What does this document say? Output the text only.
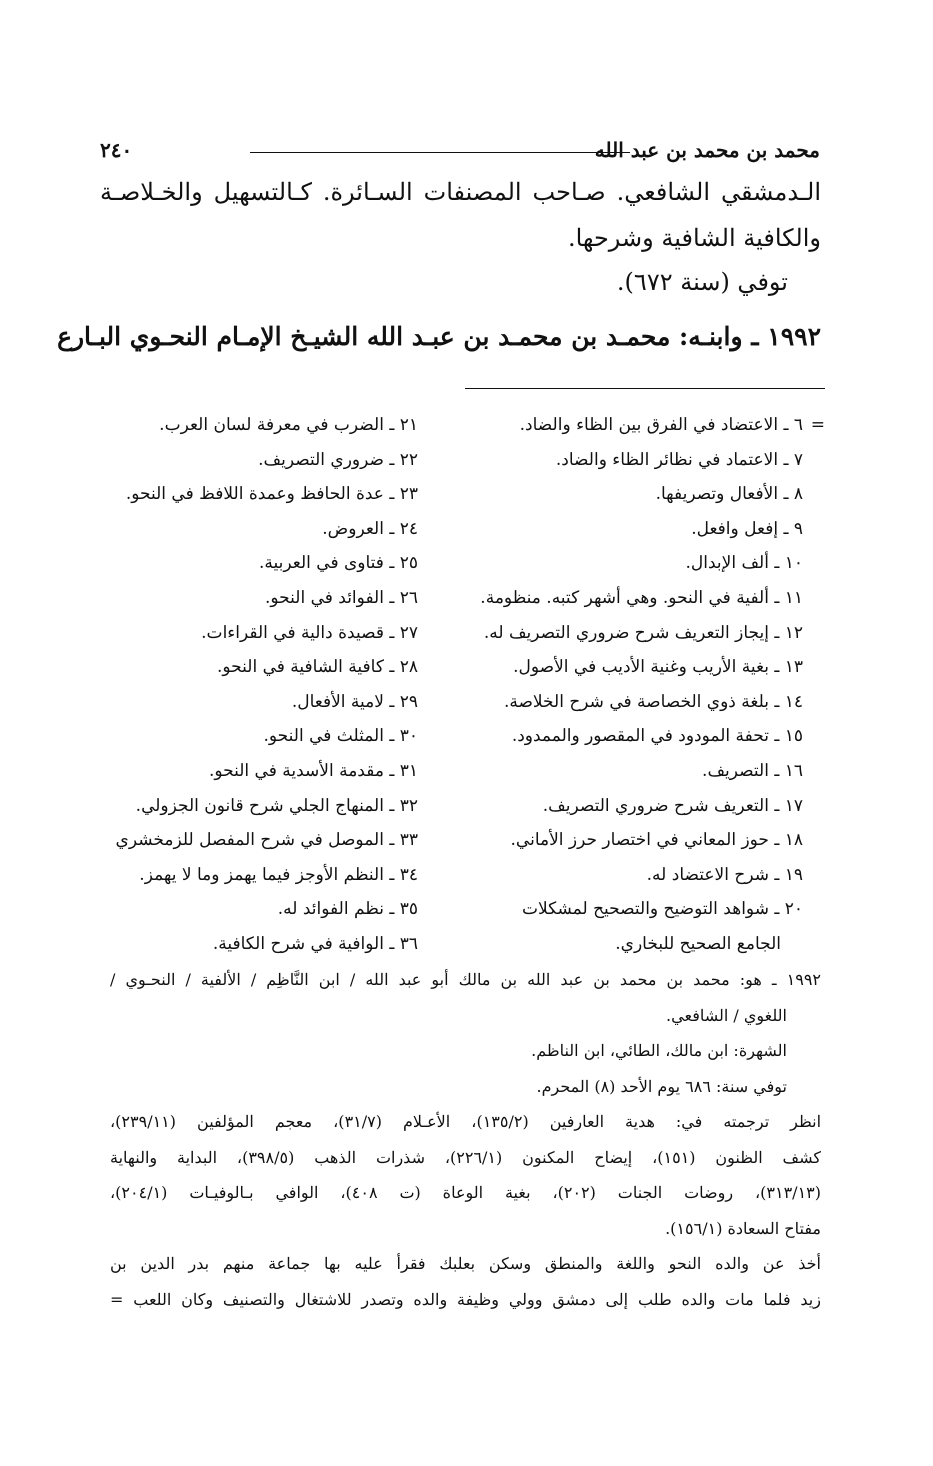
محمد بن محمد بن عبد الله
٢٤٠
الـدمشقي الشافعي. صـاحب المصنفات السـائرة. كـالتسهيل والخـلاصـة
والكافية الشافية وشرحها.
توفي (سنة ٦٧٢).
١٩٩٢ ـ وابنـه: محمـد بن محمـد بن عبـد الله الشيـخ الإمـام النحـوي البـارع
=
٦ ـ الاعتضاد في الفرق بين الظاء والضاد.
٧ ـ الاعتماد في نظائر الظاء والضاد.
٨ ـ الأفعال وتصريفها.
٩ ـ إفعل وافعل.
١٠ ـ ألف الإبدال.
١١ ـ ألفية في النحو. وهي أشهر كتبه. منظومة.
١٢ ـ إيجاز التعريف شرح ضروري التصريف له.
١٣ ـ بغية الأريب وغنية الأديب في الأصول.
١٤ ـ بلغة ذوي الخصاصة في شرح الخلاصة.
١٥ ـ تحفة المودود في المقصور والممدود.
١٦ ـ التصريف.
١٧ ـ التعريف شرح ضروري التصريف.
١٨ ـ حوز المعاني في اختصار حرز الأماني.
١٩ ـ شرح الاعتضاد له.
٢٠ ـ شواهد التوضيح والتصحيح لمشكلات
الجامع الصحيح للبخاري.
٢١ ـ الضرب في معرفة لسان العرب.
٢٢ ـ ضروري التصريف.
٢٣ ـ عدة الحافظ وعمدة اللافظ في النحو.
٢٤ ـ العروض.
٢٥ ـ فتاوى في العربية.
٢٦ ـ الفوائد في النحو.
٢٧ ـ قصيدة دالية في القراءات.
٢٨ ـ كافية الشافية في النحو.
٢٩ ـ لامية الأفعال.
٣٠ ـ المثلث في النحو.
٣١ ـ مقدمة الأسدية في النحو.
٣٢ ـ المنهاج الجلي شرح قانون الجزولي.
٣٣ ـ الموصل في شرح المفصل للزمخشري
٣٤ ـ النظم الأوجز فيما يهمز وما لا يهمز.
٣٥ ـ نظم الفوائد له.
٣٦ ـ الوافية في شرح الكافية.

١٩٩٢ ـ هو: محمد بن محمد بن عبد الله بن مالك أبو عبد الله / ابن النَّاظِم / الألفية / النحـوي /

اللغوي / الشافعي.

الشهرة: ابن مالك، الطائي، ابن الناظم.

توفي سنة: ٦٨٦ يوم الأحد (٨) المحرم.

انظر ترجمته في: هدية العارفين (١٣٥/٢)، الأعـلام (٣١/٧)، معجم المؤلفين (٢٣٩/١١)،

كشف الظنون (١٥١)، إيضاح المكنون (٢٢٦/١)، شذرات الذهب (٣٩٨/٥)، البداية والنهاية

(٣١٣/١٣)، روضات الجنات (٢٠٢)، بغية الوعاة (ت ٤٠٨)، الوافي بـالوفيـات (٢٠٤/١)،

مفتاح السعادة (١٥٦/١).

أخذ عن والده النحو واللغة والمنطق وسكن بعلبك فقرأ عليه بها جماعة منهم بدر الدين بن

زيد فلما مات والده طلب إلى دمشق وولي وظيفة والده وتصدر للاشتغال والتصنيف وكان اللعب =
